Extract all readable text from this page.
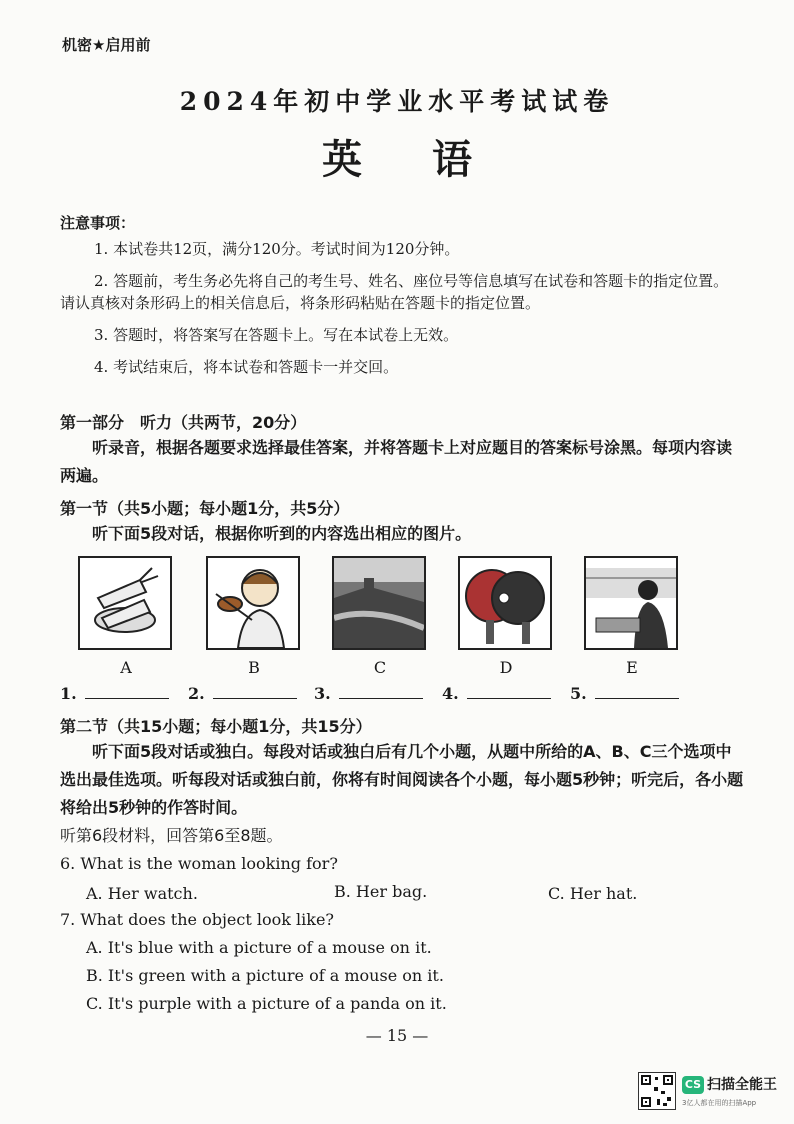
机密★启用前
2024年初中学业水平考试试卷
英语
注意事项：
1. 本试卷共12页，满分120分。考试时间为120分钟。
2. 答题前，考生务必先将自己的考生号、姓名、座位号等信息填写在试卷和答题卡的指定位置。请认真核对条形码上的相关信息后，将条形码粘贴在答题卡的指定位置。
3. 答题时，将答案写在答题卡上。写在本试卷上无效。
4. 考试结束后，将本试卷和答题卡一并交回。
第一部分　听力（共两节，20分）
听录音，根据各题要求选择最佳答案，并将答题卡上对应题目的答案标号涂黑。每项内容读两遍。
第一节（共5小题；每小题1分，共5分）
听下面5段对话，根据你听到的内容选出相应的图片。
A	B	C	D	E
1.	2.	3.	4.	5.
第二节（共15小题；每小题1分，共15分）
听下面5段对话或独白。每段对话或独白后有几个小题，从题中所给的A、B、C三个选项中选出最佳选项。听每段对话或独白前，你将有时间阅读各个小题，每小题5秒钟；听完后，各小题将给出5秒钟的作答时间。
听第6段材料，回答第6至8题。
6. What is the woman looking for?
A. Her watch.	B. Her bag.	C. Her hat.
7. What does the object look like?
A. It's blue with a picture of a mouse on it.
B. It's green with a picture of a mouse on it.
C. It's purple with a picture of a panda on it.
— 15 —
CS 扫描全能王
3亿人都在用的扫描App
